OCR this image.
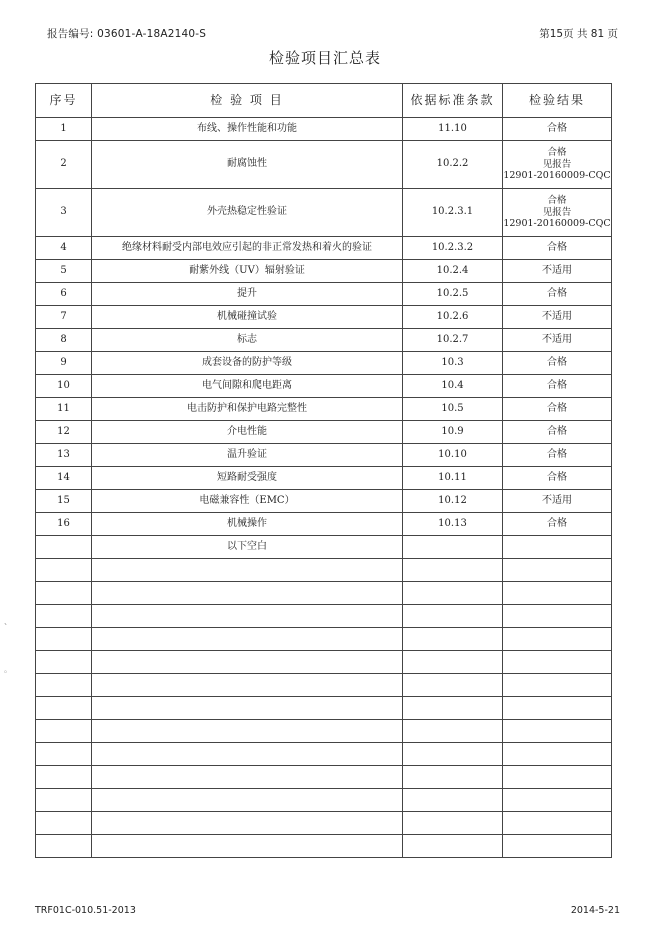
报告编号: 03601-A-18A2140-S	第15页 共 81 页
检验项目汇总表
序号	检 验 项 目	依据标准条款	检验结果
1	布线、操作性能和功能	11.10	合格

2	耐腐蚀性	10.2.2	合格
见报告
12901-20160009-CQC

3	外壳热稳定性验证	10.2.3.1	合格
见报告
12901-20160009-CQC

4	绝缘材料耐受内部电效应引起的非正常发热和着火的验证	10.2.3.2	合格

5	耐紫外线（UV）辐射验证	10.2.4	不适用

6	提升	10.2.5	合格

7	机械碰撞试验	10.2.6	不适用

8	标志	10.2.7	不适用

9	成套设备的防护等级	10.3	合格

10	电气间隙和爬电距离	10.4	合格

11	电击防护和保护电路完整性	10.5	合格

12	介电性能	10.9	合格

13	温升验证	10.10	合格

14	短路耐受强度	10.11	合格

15	电磁兼容性（EMC）	10.12	不适用

16	机械操作	10.13	合格

	以下空白		

TRF01C-010.51-2013	2014-5-21
、
。
